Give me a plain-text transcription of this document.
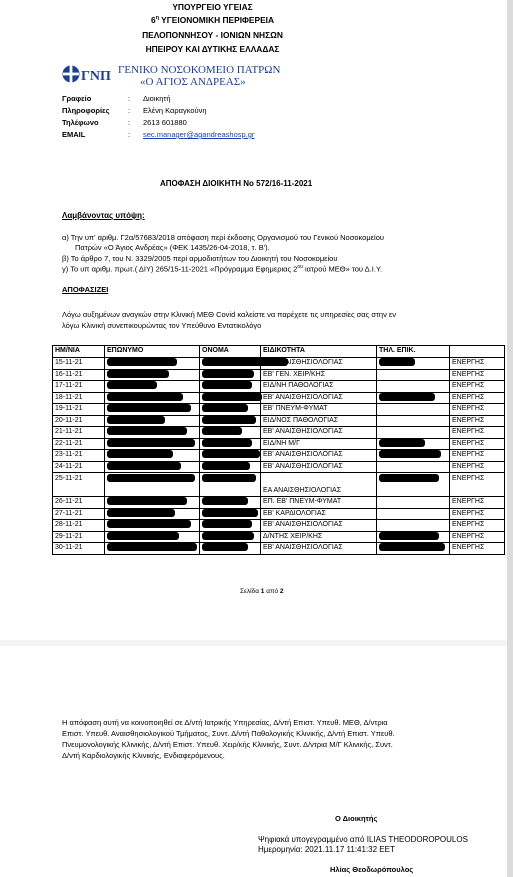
ΥΠΟΥΡΓΕΙΟ ΥΓΕΙΑΣ
$6^\eta$ ΥΓΕΙΟΝΟΜΙΚΗ ΠΕΡΙΦΕΡΕΙΑ
ΠΕΛΟΠΟΝΝΗΣΟΥ - ΙΟΝΙΩΝ ΝΗΣΩΝ
ΗΠΕΙΡΟΥ ΚΑΙ ΔΥΤΙΚΗΣ ΕΛΛΑΔΑΣ
ΓΝΠ ΓΕΝΙΚΟ ΝΟΣΟΚΟΜΕΙΟ ΠΑΤΡΩΝ
«Ο ΑΓΙΟΣ ΑΝΔΡΕΑΣ»
Γραφείο	: Διοικητή
Πληροφορίες : Ελένη Καραγκούνη
Τηλέφωνο	: 2613 601880
EMAIL	: sec.manager@agandreashosp.gr
ΑΠΟΦΑΣΗ ΔΙΟΙΚΗΤΗ Νο 572/16-11-2021
Λαμβάνοντας υπόψη:
α) Την υπ' αριθμ. Γ2α/57683/2018 απόφαση περί έκδοσης Οργανισμού του Γενικού Νοσοκομείου
Πατρών «Ο Άγιος Ανδρέας» (ΦΕΚ 1435/26-04-2018, τ. Β').
β) Το άρθρο 7, του Ν. 3329/2005 περί αρμοδιοτήτων του Διοικητή του Νοσοκομείου
γ) Το υπ αριθμ. πρωτ.( ΔΙΥ) 265/15-11-2021 «Πρόγραμμα Εφημεριας $2^{o\upsilon}$ ιατρού ΜΕΘ» του Δ.Ι.Υ.
ΑΠΟΦΑΣΙΖΕΙ
Λόγω αυξημένων αναγκών στην Κλινική ΜΕΘ Covid καλείστε να παρέχετε τις υπηρεσίες σας στην εν
λόγω Κλινική συνεπικουρώντας τον Υπεύθυνο Εντατικολόγο
ΗΜ/ΝΙΑ	ΕΠΩΝΥΜΟ	ΟΝΟΜΑ	ΕΙΔΙΚΟΤΗΤΑ	ΤΗΛ. ΕΠΙΚ.	
15-11-21			ΕΒ' ΑΝΑΙΣΘΗΣΙΟΛΟΓΙΑΣ		ΕΝΕΡΓΗΣ
16-11-21			ΕΒ' ΓΕΝ. ΧΕΙΡ/ΚΗΣ		ΕΝΕΡΓΗΣ
17-11-21			ΕΙΔ/ΝΗ ΠΑΘΟΛΟΓΙΑΣ		ΕΝΕΡΓΗΣ
18-11-21			ΕΒ' ΑΝΑΙΣΘΗΣΙΟΛΟΓΙΑΣ		ΕΝΕΡΓΗΣ
19-11-21			ΕΒ' ΠΝΕΥΜ-ΦΥΜΑΤ		ΕΝΕΡΓΗΣ
20-11-21			ΕΙΔ/ΝΟΣ ΠΑΘΟΛΟΓΙΑΣ		ΕΝΕΡΓΗΣ
21-11-21			ΕΒ' ΑΝΑΙΣΘΗΣΙΟΛΟΓΙΑΣ		ΕΝΕΡΓΗΣ
22-11-21			ΕΙΔ/ΝΗ Μ/Γ		ΕΝΕΡΓΗΣ
23-11-21			ΕΒ' ΑΝΑΙΣΘΗΣΙΟΛΟΓΙΑΣ		ΕΝΕΡΓΗΣ
24-11-21			ΕΒ' ΑΝΑΙΣΘΗΣΙΟΛΟΓΙΑΣ		ΕΝΕΡΓΗΣ
25-11-21			ΕΑ ΑΝΑΙΣΘΗΣΙΟΛΟΓΙΑΣ		ΕΝΕΡΓΗΣ
26-11-21			ΕΠ. ΕΒ' ΠΝΕΥΜ-ΦΥΜΑΤ		ΕΝΕΡΓΗΣ
27-11-21			ΕΒ' ΚΑΡΔΙΟΛΟΓΙΑΣ		ΕΝΕΡΓΗΣ
28-11-21			ΕΒ' ΑΝΑΙΣΘΗΣΙΟΛΟΓΙΑΣ		ΕΝΕΡΓΗΣ
29-11-21			Δ/ΝΤΗΣ ΧΕΙΡ/ΚΗΣ		ΕΝΕΡΓΗΣ
30-11-21			ΕΒ' ΑΝΑΙΣΘΗΣΙΟΛΟΓΙΑΣ		ΕΝΕΡΓΗΣ
Σελίδα 1 από 2
Η απόφαση αυτή να κοινοποιηθεί σε Δ/ντή Ιατρικής Υπηρεσίας, Δ/ντή Επιστ. Υπευθ. ΜΕΘ, Δ/ντρια
Επιστ. Υπευθ. Αναισθησιολογικού Τμήματος, Συντ. Δ/ντή Παθολογικής Κλινικής, Δ/ντή Επιστ. Υπευθ.
Πνευμονολογικής Κλινικής, Δ/ντή Επιστ. Υπευθ. Χειρ/κής Κλινικής, Συντ. Δ/ντρια Μ/Γ Κλινικής, Συντ.
Δ/ντή Καρδιολογικής Κλινικής, Ενδιαφερόμενους.
Ο Διοικητής
Ψηφιακά υπογεγραμμένο από ILIAS THEODOROPOULOS
Ημερομηνία: 2021.11.17 11:41:32 EET
Ηλίας Θεοδωρόπουλος
